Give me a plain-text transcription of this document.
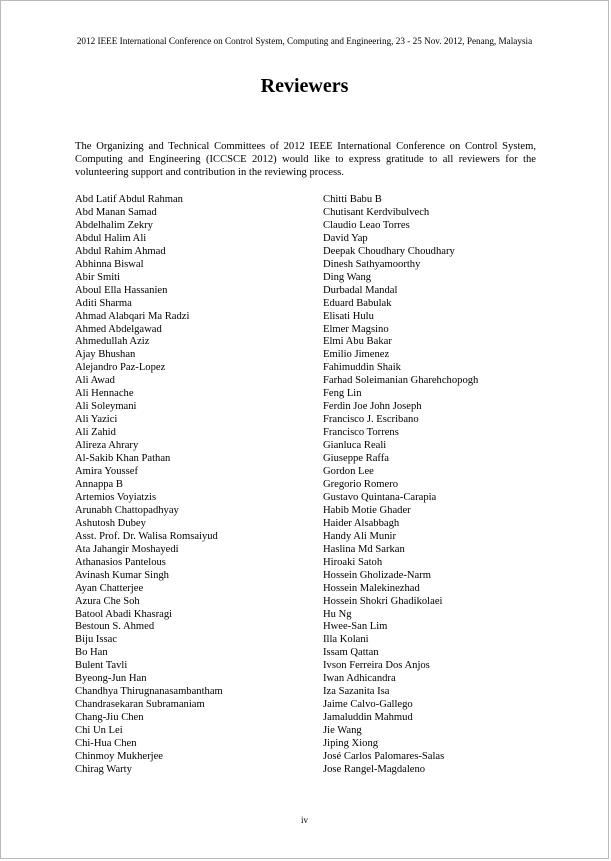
2012 IEEE International Conference on Control System, Computing and Engineering, 23 - 25 Nov. 2012, Penang, Malaysia
Reviewers
The Organizing and Technical Committees of 2012 IEEE International Conference on Control System, Computing and Engineering (ICCSCE 2012) would like to express gratitude to all reviewers for the volunteering support and contribution in the reviewing process.
Abd Latif Abdul Rahman
Abd Manan Samad
Abdelhalim Zekry
Abdul Halim Ali
Abdul Rahim Ahmad
Abhinna Biswal
Abir Smiti
Aboul Ella Hassanien
Aditi Sharma
Ahmad Alabqari Ma Radzi
Ahmed Abdelgawad
Ahmedullah Aziz
Ajay Bhushan
Alejandro Paz-Lopez
Ali Awad
Ali Hennache
Ali Soleymani
Ali Yazici
Ali Zahid
Alireza Ahrary
Al-Sakib Khan Pathan
Amira Youssef
Annappa B
Artemios Voyiatzis
Arunabh Chattopadhyay
Ashutosh Dubey
Asst. Prof. Dr. Walisa Romsaiyud
Ata Jahangir Moshayedi
Athanasios Pantelous
Avinash Kumar Singh
Ayan Chatterjee
Azura Che Soh
Batool Abadi Khasragi
Bestoun S. Ahmed
Biju Issac
Bo Han
Bulent Tavli
Byeong-Jun Han
Chandhya Thirugnanasambantham
Chandrasekaran Subramaniam
Chang-Jiu Chen
Chi Un Lei
Chi-Hua Chen
Chinmoy Mukherjee
Chirag Warty
Chitti Babu B
Chutisant Kerdvibulvech
Claudio Leao Torres
David Yap
Deepak Choudhary Choudhary
Dinesh Sathyamoorthy
Ding Wang
Durbadal Mandal
Eduard Babulak
Elisati Hulu
Elmer Magsino
Elmi Abu Bakar
Emilio Jimenez
Fahimuddin Shaik
Farhad Soleimanian Gharehchopogh
Feng Lin
Ferdin Joe John Joseph
Francisco J. Escribano
Francisco Torrens
Gianluca Reali
Giuseppe Raffa
Gordon Lee
Gregorio Romero
Gustavo Quintana-Carapia
Habib Motie Ghader
Haider Alsabbagh
Handy Ali Munir
Haslina Md Sarkan
Hiroaki Satoh
Hossein Gholizade-Narm
Hossein Malekinezhad
Hossein Shokri Ghadikolaei
Hu Ng
Hwee-San Lim
Illa Kolani
Issam Qattan
Ivson Ferreira Dos Anjos
Iwan Adhicandra
Iza Sazanita Isa
Jaime Calvo-Gallego
Jamaluddin Mahmud
Jie Wang
Jiping Xiong
José Carlos Palomares-Salas
Jose Rangel-Magdaleno
iv
